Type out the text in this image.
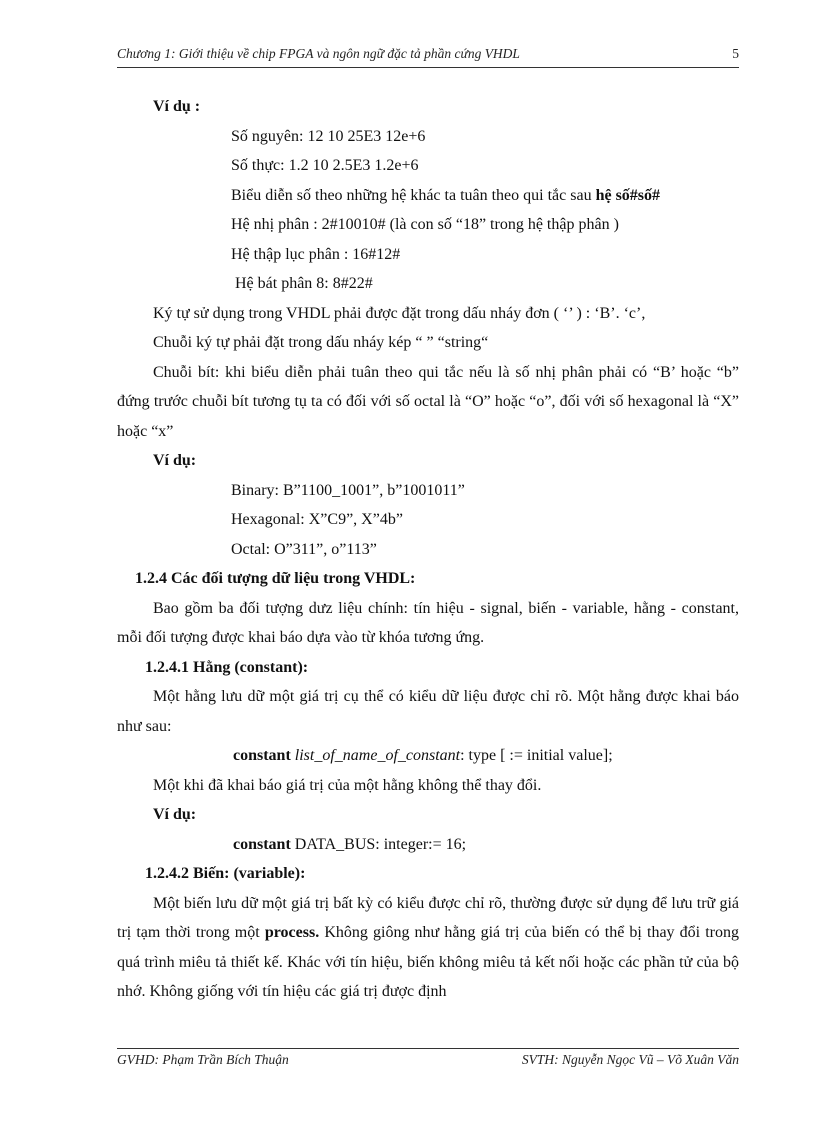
Chương 1: Giới thiệu về chip FPGA và ngôn ngữ đặc tả phần cứng VHDL	5
Ví dụ :
Số nguyên: 12 10 25E3 12e+6
Số thực: 1.2 10 2.5E3 1.2e+6
Biểu diễn số theo những hệ khác ta tuân theo qui tắc sau hệ số#số#
Hệ nhị phân : 2#10010# (là con số “18” trong hệ thập phân )
Hệ thập lục phân : 16#12#
Hệ bát phân 8: 8#22#
Ký tự sử dụng trong VHDL phải được đặt trong dấu nháy đơn ( ‘’ ) : ‘B’. ‘c’,
Chuỗi ký tự phải đặt trong dấu nháy kép “ ” “string“

Chuỗi bít: khi biểu diễn phải tuân theo qui tắc nếu là số nhị phân phải có “B’ hoặc “b” đứng trước chuỗi bít tương tụ ta có đối với số octal là “O” hoặc “o”, đối với số hexagonal là “X” hoặc “x”

Ví dụ:
Binary: B”1100_1001”, b”1001011”
Hexagonal: X”C9”, X”4b”
Octal: O”311”, o”113”
1.2.4 Các đối tượng dữ liệu trong VHDL:

Bao gồm ba đối tượng dưz liệu chính: tín hiệu - signal, biến - variable, hằng - constant, mỗi đối tượng được khai báo dựa vào từ khóa tương ứng.

1.2.4.1 Hằng (constant):

Một hằng lưu dữ một giá trị cụ thể có kiểu dữ liệu được chỉ rõ. Một hằng được khai báo như sau:

constant list_of_name_of_constant: type [ := initial value];
Một khi đã khai báo giá trị của một hằng không thể thay đổi.
Ví dụ:
constant DATA_BUS: integer:= 16;
1.2.4.2 Biến: (variable):

Một biến lưu dữ một giá trị bất kỳ có kiểu được chỉ rõ, thường được sử dụng để lưu trữ giá trị tạm thời trong một process. Không giông như hằng giá trị của biến có thể bị thay đổi trong quá trình miêu tả thiết kế. Khác với tín hiệu, biến không miêu tả kết nối hoặc các phần tử của bộ nhớ. Không giống với tín hiệu các giá trị được định

GVHD: Phạm Trần Bích Thuận	SVTH: Nguyễn Ngọc Vũ – Võ Xuân Văn
